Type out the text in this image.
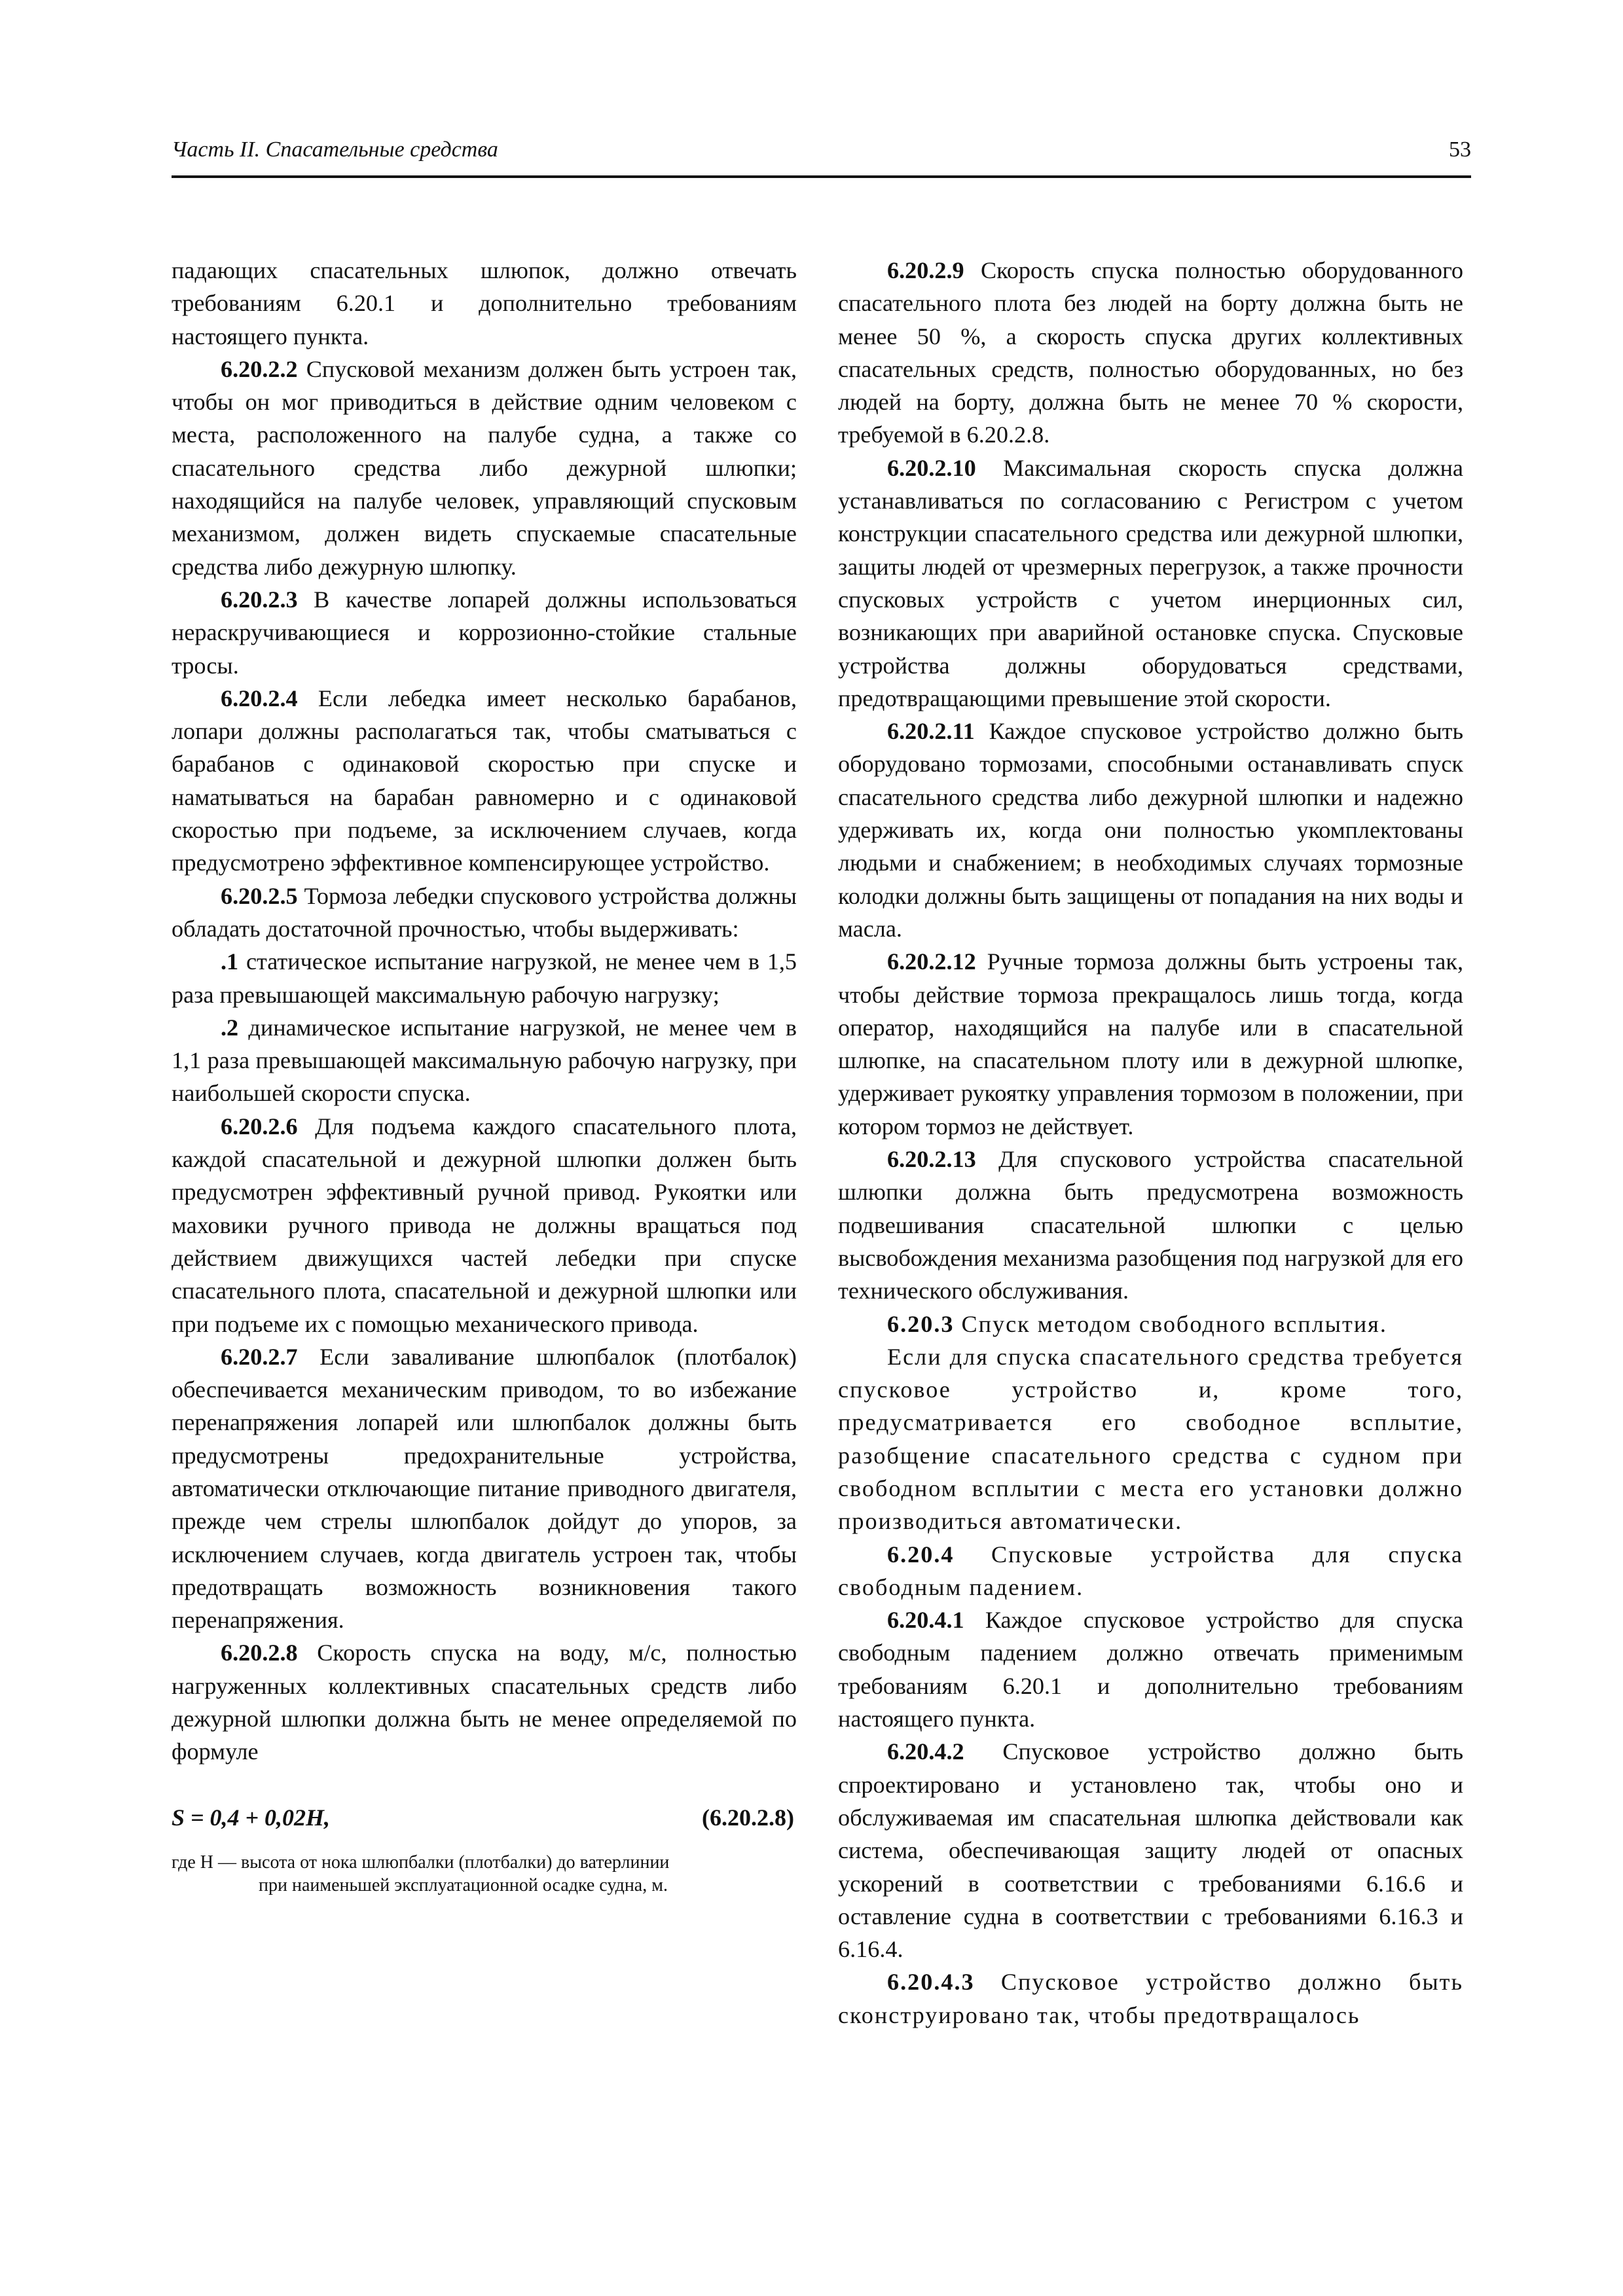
Часть II. Спасательные средства	53

падающих спасательных шлюпок, должно отвечать требованиям 6.20.1 и дополнительно требованиям настоящего пункта.

6.20.2.2 Спусковой механизм должен быть устроен так, чтобы он мог приводиться в действие одним человеком с места, расположенного на палубе судна, а также со спасательного средства либо дежурной шлюпки; находящийся на палубе человек, управляющий спусковым механизмом, должен видеть спускаемые спасательные средства либо дежурную шлюпку.

6.20.2.3 В качестве лопарей должны использоваться нераскручивающиеся и коррозионно-стойкие стальные тросы.

6.20.2.4 Если лебедка имеет несколько барабанов, лопари должны располагаться так, чтобы сматываться с барабанов с одинаковой скоростью при спуске и наматываться на барабан равномерно и с одинаковой скоростью при подъеме, за исключением случаев, когда предусмотрено эффективное компенсирующее устройство.

6.20.2.5 Тормоза лебедки спускового устройства должны обладать достаточной прочностью, чтобы выдерживать:

.1 статическое испытание нагрузкой, не менее чем в 1,5 раза превышающей максимальную рабочую нагрузку;

.2 динамическое испытание нагрузкой, не менее чем в 1,1 раза превышающей максимальную рабочую нагрузку, при наибольшей скорости спуска.

6.20.2.6 Для подъема каждого спасательного плота, каждой спасательной и дежурной шлюпки должен быть предусмотрен эффективный ручной привод. Рукоятки или маховики ручного привода не должны вращаться под действием движущихся частей лебедки при спуске спасательного плота, спасательной и дежурной шлюпки или при подъеме их с помощью механического привода.

6.20.2.7 Если заваливание шлюпбалок (плотбалок) обеспечивается механическим приводом, то во избежание перенапряжения лопарей или шлюпбалок должны быть предусмотрены предохранительные устройства, автоматически отключающие питание приводного двигателя, прежде чем стрелы шлюпбалок дойдут до упоров, за исключением случаев, когда двигатель устроен так, чтобы предотвращать возможность возникновения такого перенапряжения.

6.20.2.8 Скорость спуска на воду, м/с, полностью нагруженных коллективных спасательных средств либо дежурной шлюпки должна быть не менее определяемой по формуле

S = 0,4 + 0,02H,	(6.20.2.8)
где H — высота от нока шлюпбалки (плотбалки) до ватерлинии
при наименьшей эксплуатационной осадке судна, м.

6.20.2.9 Скорость спуска полностью оборудованного спасательного плота без людей на борту должна быть не менее 50 %, а скорость спуска других коллективных спасательных средств, полностью оборудованных, но без людей на борту, должна быть не менее 70 % скорости, требуемой в 6.20.2.8.

6.20.2.10 Максимальная скорость спуска должна устанавливаться по согласованию с Регистром с учетом конструкции спасательного средства или дежурной шлюпки, защиты людей от чрезмерных перегрузок, а также прочности спусковых устройств с учетом инерционных сил, возникающих при аварийной остановке спуска. Спусковые устройства должны оборудоваться средствами, предотвращающими превышение этой скорости.

6.20.2.11 Каждое спусковое устройство должно быть оборудовано тормозами, способными останавливать спуск спасательного средства либо дежурной шлюпки и надежно удерживать их, когда они полностью укомплектованы людьми и снабжением; в необходимых случаях тормозные колодки должны быть защищены от попадания на них воды и масла.

6.20.2.12 Ручные тормоза должны быть устроены так, чтобы действие тормоза прекращалось лишь тогда, когда оператор, находящийся на палубе или в спасательной шлюпке, на спасательном плоту или в дежурной шлюпке, удерживает рукоятку управления тормозом в положении, при котором тормоз не действует.

6.20.2.13 Для спускового устройства спасательной шлюпки должна быть предусмотрена возможность подвешивания спасательной шлюпки с целью высвобождения механизма разобщения под нагрузкой для его технического обслуживания.

6.20.3 Спуск методом свободного всплытия.

Если для спуска спасательного средства требуется спусковое устройство и, кроме того, предусматривается его свободное всплытие, разобщение спасательного средства с судном при свободном всплытии с места его установки должно производиться автоматически.

6.20.4 Спусковые устройства для спуска свободным падением.

6.20.4.1 Каждое спусковое устройство для спуска свободным падением должно отвечать применимым требованиям 6.20.1 и дополнительно требованиям настоящего пункта.

6.20.4.2 Спусковое устройство должно быть спроектировано и установлено так, чтобы оно и обслуживаемая им спасательная шлюпка действовали как система, обеспечивающая защиту людей от опасных ускорений в соответствии с требованиями 6.16.6 и оставление судна в соответствии с требованиями 6.16.3 и 6.16.4.

6.20.4.3 Спусковое устройство должно быть сконструировано так, чтобы предотвращалось
